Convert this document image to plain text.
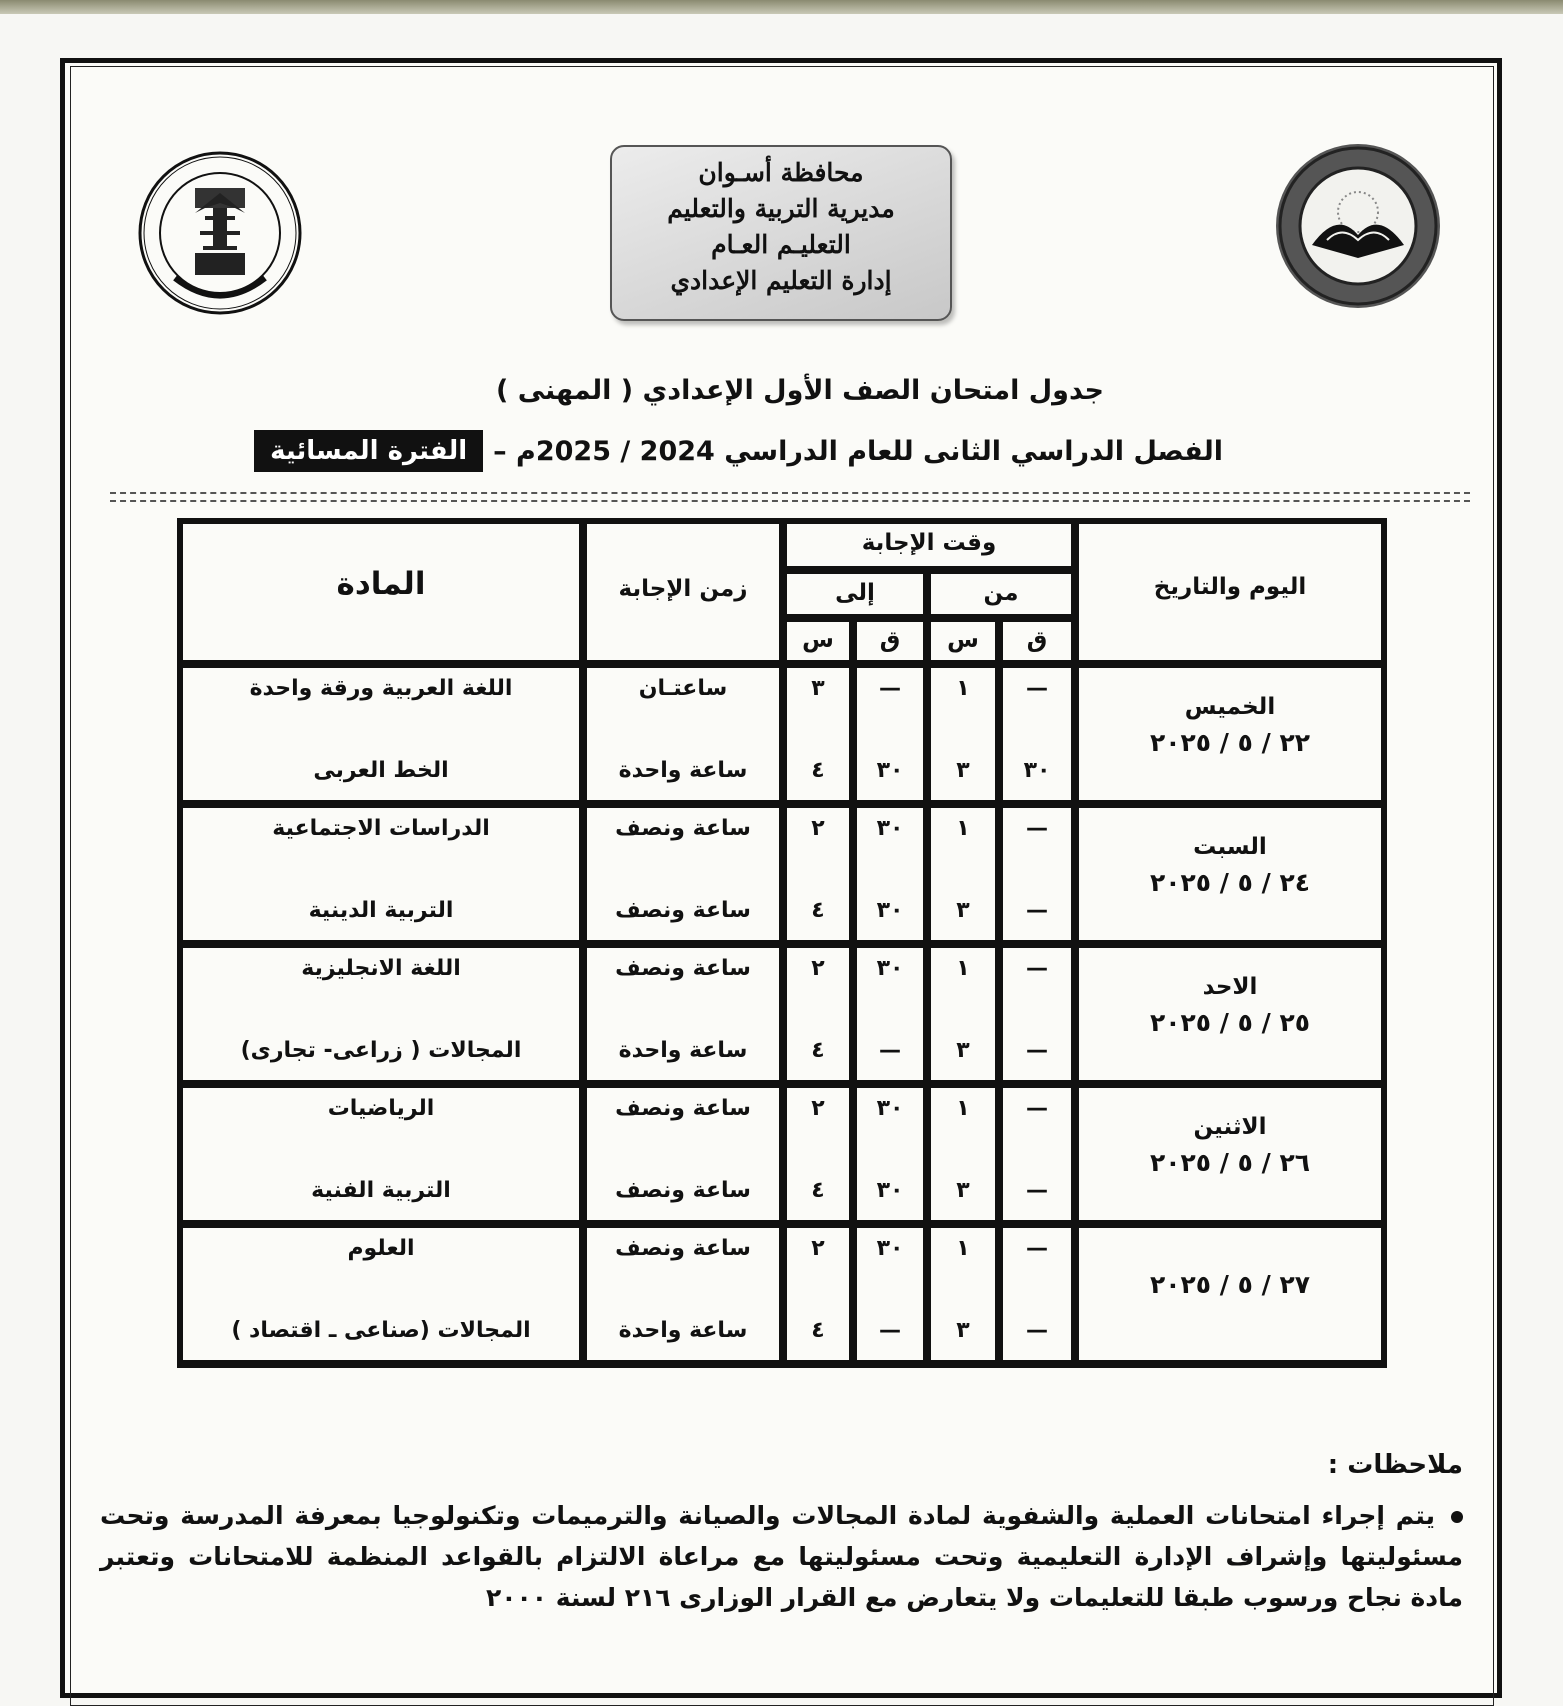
محافظة أسـوان
مديرية التربية والتعليم
التعليـم العـام
إدارة التعليم الإعدادي
جدول امتحان الصف الأول الإعدادي ( المهنى )
الفصل الدراسي الثانى للعام الدراسي 2024 / 2025م –
الفترة المسائية
اليوم والتاريخ
وقت الإجابة
من
إلى
ق
س
ق
س
زمن الإجابة
المادة
الخميس
٢٢ / ٥ / ٢٠٢٥
اللغة العربية ورقة واحدة
الخط العربى
ساعتـان
ساعة واحدة
٣
٤
—
٣٠
١
٣
—
٣٠
السبت
٢٤ / ٥ / ٢٠٢٥
الدراسات الاجتماعية
التربية الدينية
ساعة ونصف
ساعة ونصف
٢
٤
٣٠
٣٠
١
٣
—
—
الاحد
٢٥ / ٥ / ٢٠٢٥
اللغة الانجليزية
المجالات ( زراعى- تجارى)
ساعة ونصف
ساعة واحدة
٢
٤
٣٠
—
١
٣
—
—
الاثنين
٢٦ / ٥ / ٢٠٢٥
الرياضيات
التربية الفنية
ساعة ونصف
ساعة ونصف
٢
٤
٣٠
٣٠
١
٣
—
—
٢٧ / ٥ / ٢٠٢٥
العلوم
المجالات (صناعى ـ اقتصاد )
ساعة ونصف
ساعة واحدة
٢
٤
٣٠
—
١
٣
—
—
ملاحظات :
يتم إجراء امتحانات العملية والشفوية لمادة المجالات والصيانة والترميمات وتكنولوجيا بمعرفة المدرسة وتحت مسئوليتها وإشراف الإدارة التعليمية وتحت مسئوليتها مع مراعاة الالتزام بالقواعد المنظمة للامتحانات وتعتبر مادة نجاح ورسوب طبقا للتعليمات ولا يتعارض مع القرار الوزارى ٢١٦ لسنة ٢٠٠٠
